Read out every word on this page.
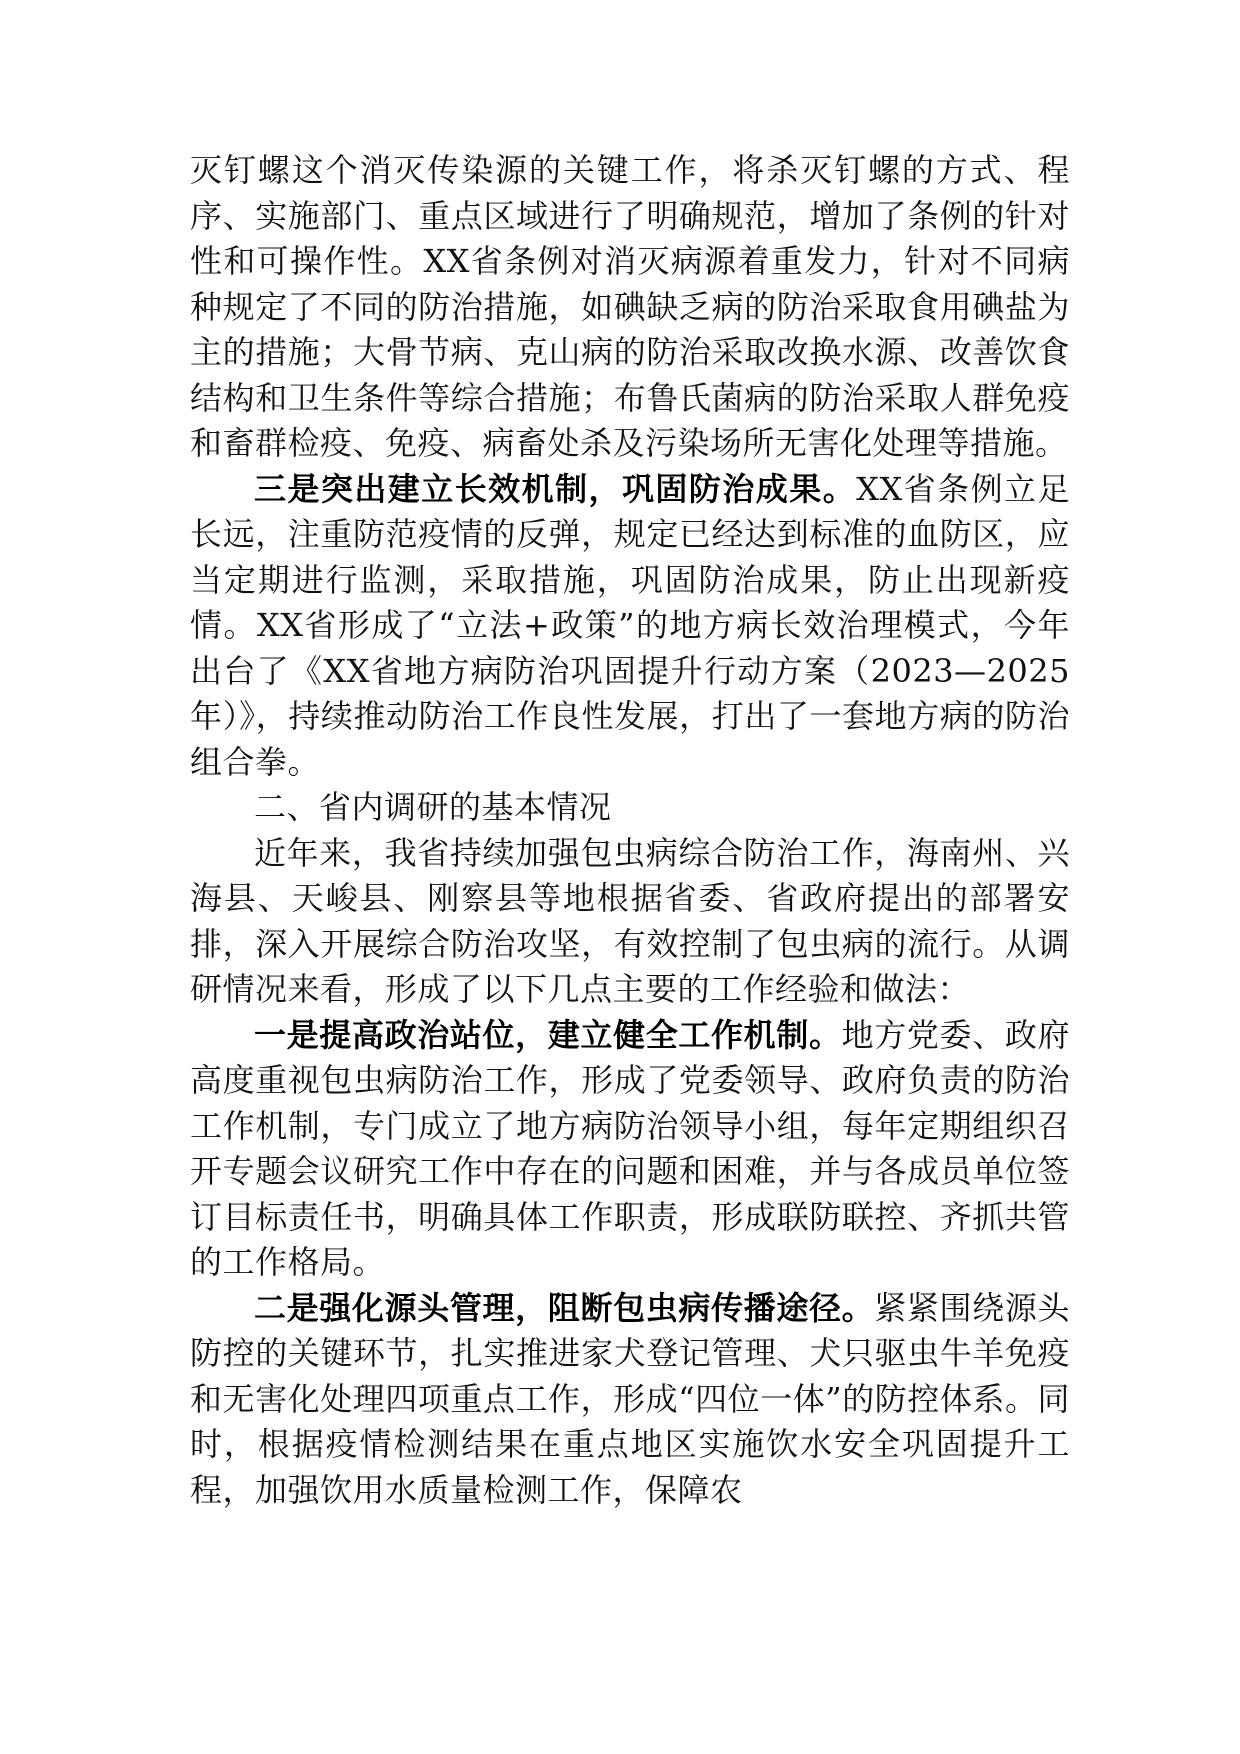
灭钉螺这个消灭传染源的关键工作，将杀灭钉螺的方式、程序、实施部门、重点区域进行了明确规范，增加了条例的针对性和可操作性。XX省条例对消灭病源着重发力，针对不同病种规定了不同的防治措施，如碘缺乏病的防治采取食用碘盐为主的措施；大骨节病、克山病的防治采取改换水源、改善饮食结构和卫生条件等综合措施；布鲁氏菌病的防治采取人群免疫和畜群检疫、免疫、病畜处杀及污染场所无害化处理等措施。

三是突出建立长效机制，巩固防治成果。XX省条例立足长远，注重防范疫情的反弹，规定已经达到标准的血防区，应当定期进行监测，采取措施，巩固防治成果，防止出现新疫情。XX省形成了“立法+政策”的地方病长效治理模式，今年出台了《XX省地方病防治巩固提升行动方案（2023—2025年）》，持续推动防治工作良性发展，打出了一套地方病的防治组合拳。

二、省内调研的基本情况

近年来，我省持续加强包虫病综合防治工作，海南州、兴海县、天峻县、刚察县等地根据省委、省政府提出的部署安排，深入开展综合防治攻坚，有效控制了包虫病的流行。从调研情况来看，形成了以下几点主要的工作经验和做法：

一是提高政治站位，建立健全工作机制。地方党委、政府高度重视包虫病防治工作，形成了党委领导、政府负责的防治工作机制，专门成立了地方病防治领导小组，每年定期组织召开专题会议研究工作中存在的问题和困难，并与各成员单位签订目标责任书，明确具体工作职责，形成联防联控、齐抓共管的工作格局。

二是强化源头管理，阻断包虫病传播途径。紧紧围绕源头防控的关键环节，扎实推进家犬登记管理、犬只驱虫牛羊免疫和无害化处理四项重点工作，形成“四位一体”的防控体系。同时，根据疫情检测结果在重点地区实施饮水安全巩固提升工程，加强饮用水质量检测工作，保障农
